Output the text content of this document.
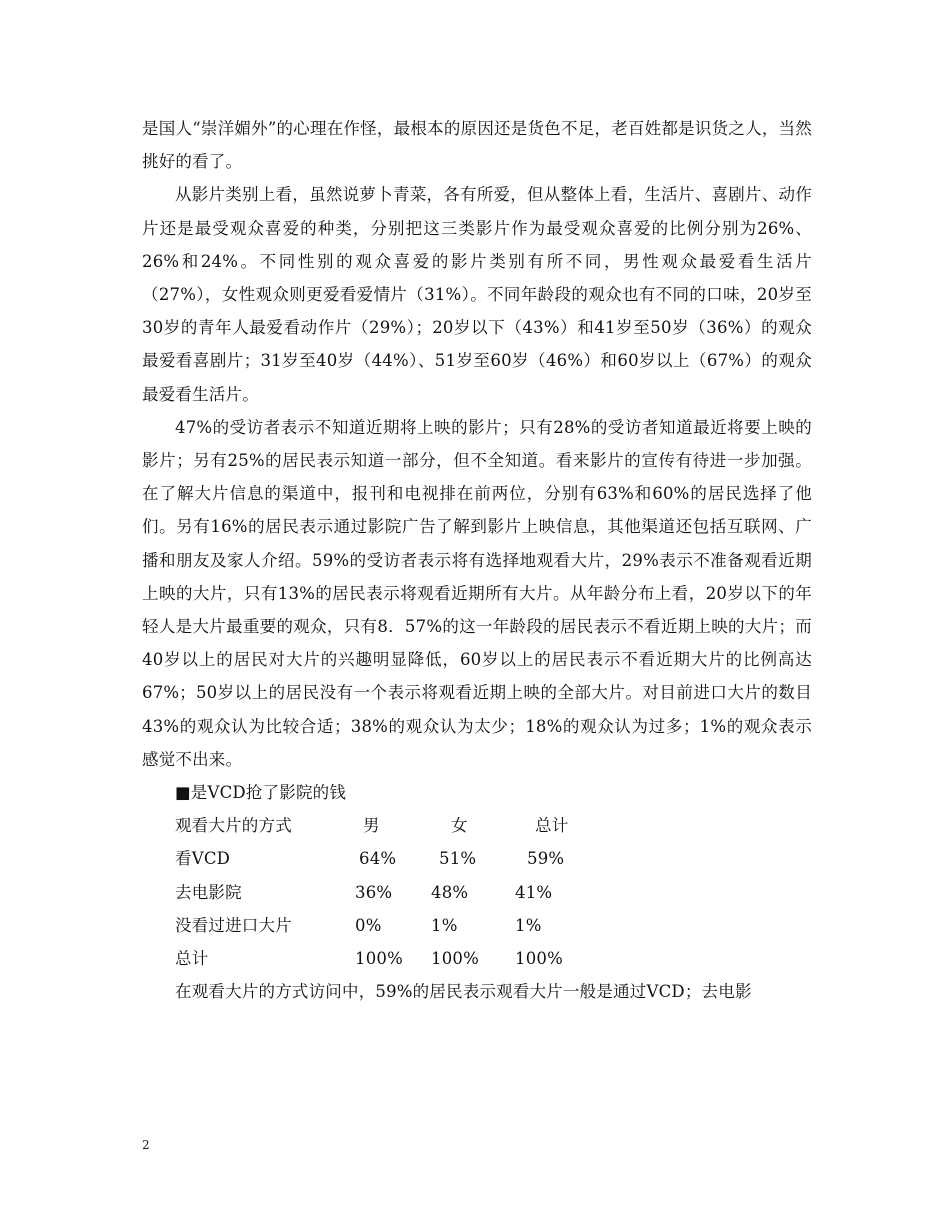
是国人“崇洋媚外”的心理在作怪，最根本的原因还是货色不足，老百姓都是识货之人，当然挑好的看了。

从影片类别上看，虽然说萝卜青菜，各有所爱，但从整体上看，生活片、喜剧片、动作片还是最受观众喜爱的种类，分别把这三类影片作为最受观众喜爱的比例分别为26%、26%和24%。不同性别的观众喜爱的影片类别有所不同，男性观众最爱看生活片（27%），女性观众则更爱看爱情片（31%）。不同年龄段的观众也有不同的口味，20岁至30岁的青年人最爱看动作片（29%）；20岁以下（43%）和41岁至50岁（36%）的观众最爱看喜剧片；31岁至40岁（44%）、51岁至60岁（46%）和60岁以上（67%）的观众最爱看生活片。

47%的受访者表示不知道近期将上映的影片；只有28%的受访者知道最近将要上映的影片；另有25%的居民表示知道一部分，但不全知道。看来影片的宣传有待进一步加强。在了解大片信息的渠道中，报刊和电视排在前两位，分别有63%和60%的居民选择了他们。另有16%的居民表示通过影院广告了解到影片上映信息，其他渠道还包括互联网、广播和朋友及家人介绍。59%的受访者表示将有选择地观看大片，29%表示不准备观看近期上映的大片，只有13%的居民表示将观看近期所有大片。从年龄分布上看，20岁以下的年轻人是大片最重要的观众，只有8．57%的这一年龄段的居民表示不看近期上映的大片；而40岁以上的居民对大片的兴趣明显降低，60岁以上的居民表示不看近期大片的比例高达67%；50岁以上的居民没有一个表示将观看近期上映的全部大片。对目前进口大片的数目43%的观众认为比较合适；38%的观众认为太少；18%的观众认为过多；1%的观众表示感觉不出来。

■是VCD抢了影院的钱

观看大片的方式	男	女	总计
看VCD	64%	51%	59%
去电影院	36%	48%	41%
没看过进口大片	0%	1%	1%
总计	100%	100%	100%

在观看大片的方式访问中，59%的居民表示观看大片一般是通过VCD；去电影

2
